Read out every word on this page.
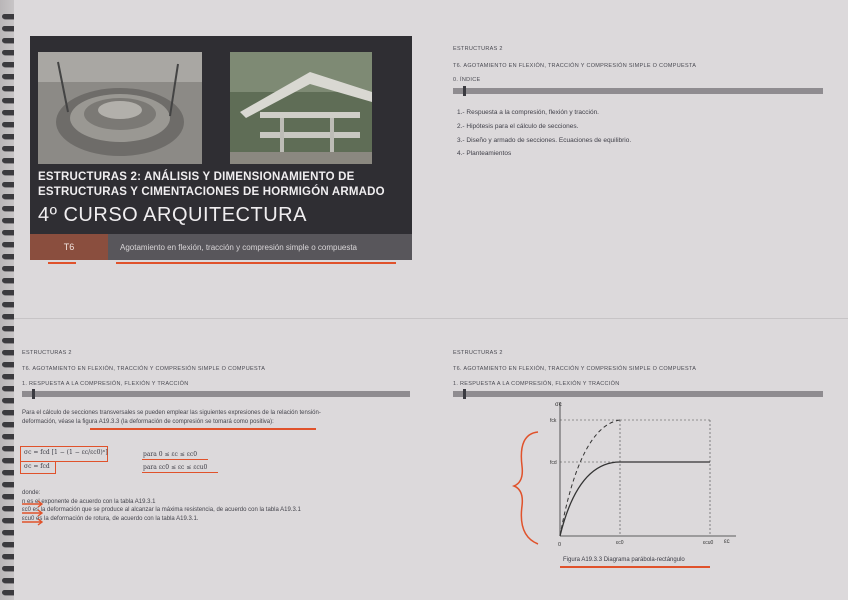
ESTRUCTURAS 2: ANÁLISIS Y DIMENSIONAMIENTO DE
ESTRUCTURAS Y CIMENTACIONES DE HORMIGÓN ARMADO
4º CURSO ARQUITECTURA
T6	Agotamiento en flexión, tracción y compresión simple o compuesta
ESTRUCTURAS 2
T6. AGOTAMIENTO EN FLEXIÓN, TRACCIÓN Y COMPRESIÓN SIMPLE O COMPUESTA
0. ÍNDICE
1.- Respuesta a la compresión, flexión y tracción.
2.- Hipótesis para el cálculo de secciones.
3.- Diseño y armado de secciones. Ecuaciones de equilibrio.
4.- Planteamientos
ESTRUCTURAS 2
T6. AGOTAMIENTO EN FLEXIÓN, TRACCIÓN Y COMPRESIÓN SIMPLE O COMPUESTA
1. RESPUESTA A LA COMPRESIÓN, FLEXIÓN Y TRACCIÓN
Para el cálculo de secciones transversales se pueden emplear las siguientes expresiones de la relación tensión-
deformación, véase la figura A19.3.3 (la deformación de compresión se tomará como positiva):
σc = fcd [1 − (1 − εc/εc0)ⁿ]
σc = fcd
para 0 ≤ εc ≤ εc0
para εc0 ≤ εc ≤ εcu0
donde:
n es el exponente de acuerdo con la tabla A19.3.1
εc0 es la deformación que se produce al alcanzar la máxima resistencia, de acuerdo con la tabla A19.3.1
εcu0 es la deformación de rotura, de acuerdo con la tabla A19.3.1.
ESTRUCTURAS 2
T6. AGOTAMIENTO EN FLEXIÓN, TRACCIÓN Y COMPRESIÓN SIMPLE O COMPUESTA
1. RESPUESTA A LA COMPRESIÓN, FLEXIÓN Y TRACCIÓN
σc
εc
fck
fcd
0	εc0	εcu0
Figura A19.3.3 Diagrama parábola-rectángulo
